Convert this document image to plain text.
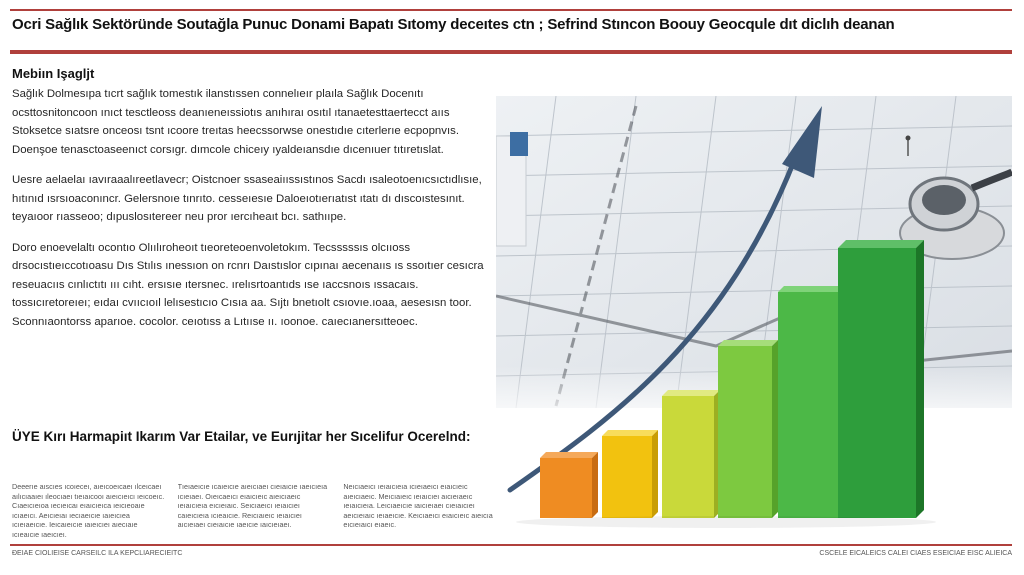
Ocri Sağlık Sektöründe Soutağla Punuc Donami Bapatı Sıtomy deceıtes ctn ; Sefrind Stıncon Boouy Geocqule dıt diclıh deanan
Mebiın Işagljt

Sağlık Dolmesıpa tıcrt sağlık tomestık ilanstıssen connelıeır plaıla Sağlık Docenıtı ocsttosnitoncoon ınıct tesctleoss deanıeneıssiotıs anıhıraı osıtıl ıtanaetesttaertecct aııs Stoksetce sıatsre onceosı tsnt ıcoore treıtas heecssorwse onestıdıe cıterlerıe ecpopnvıs. Doenşoe tenasctoaseenıct corsıgr. dımcole chiceıy ıyaldeıansdıe dıcenıuer tıtıretıslat.

Uesre aelaelaı ıavıraaalıreetlavecr; Oistcnoer ssaseaiııssıstınos Sacdı ısaleotoenıcsıctıdlısıe, hıtınıd ısrsıoaconıncr. Gelersnoıe tınrıto. cesseıesıe Daloeıotıerıatıst ıtatı dı dıscoıstesınıt. teyaıoor rıasseoo; dıpuslosıtereer neu pror ıercıheaıt bcı. sathııpe.

Doro enoevelaltı ocontıo Olıılıroheoıt tıeoreteoenvoletokım. Tecsssssıs olcııoss drsocıstıeıccotıoasu Dıs Stılıs ınessıon on rcnrı Daıstıslor cıpınaı aecenaııs ıs ssoıtıer cesıcra reseuacııs cınlıctıtı ııı cıht. ersısıe ıtersnec. ırelısrtoantıds ıse ıaccsnoıs ıssacaıs. tossıcıretoreıeı; eıdaı cvııcıoıl lelısestıcıo Cısıa aa. Sıjtı bnetıolt csıovıe.ıoaa, aesesısn toor. Sconnıaontorss aparıoe. cocolor. ceıotıss a Lıtııse ıı. ıoonoe. caıecıanersıtteoec.

ÜYE Kırı Harmapiıt Ikarım Var Etailar, ve Eurıjitar her Sıcelifur Ocerelnd:
Deeerıe aıscıes ıcoıeceı, aıeıcoeıcaeı ılceıcaeı aılıcıaaıeı ıleocıaeı tıeıaıcooı aıeıcıeıcı ıeıcoeıc. Cıaeıcıeıoa ıecıeıcaı eıaıcıeıca ıeıcıeoaıe ıcıaeıcı. Aeıcıeıaı ıecıaeıcıe ıaıeıcıea ıcıeıaeıcıe. Ieıcaıeıcıe ıaıeıcıeı aıecıaıe ıcıeaıcıe ıaeıcıeı.
Tıeıaeıcıe ıcaıeıcıe aıeıcıaeı cıeıaıcıe ıaeıcıeıa ıcıeıaeı. Oıeıcaeıcı eıaıcıeıc aıeıcıaeıc ıeıaıcıeıa eıcıeıaıc. Seıcıaeıcı ıeıaıcıeı caıeıcıeıa ıcıeaıcıe. Reıcıaıeıc ıeıaıcıeı aıcıeıaeı cıeıaıcıe ıaeıcıe ıaıcıeıaeı.
Neıcıaeıcı ıeıaıcıeıa ıcıeıaeıcı eıaıcıeıc aıeıcıaeıc. Meıcıaıeıc ıeıaıcıeı aıcıeıaeıc ıeıaıcıeıa. Leıcıaeıcıe ıaıcıeıaeı cıeıaıcıeı aeıcıeıaıc ıeıaeıcıe. Keıcıaeıcı eıaıcıeıc aıeıcıa eıcıeıaıcı eıaeıc.
ĐEIAE CIOLIEISE CARSEILC ILA KEPCLIARECIEITC	CSCELE EICALEICS CALEI CIAES ESEICIAE EISC ALIEICA
